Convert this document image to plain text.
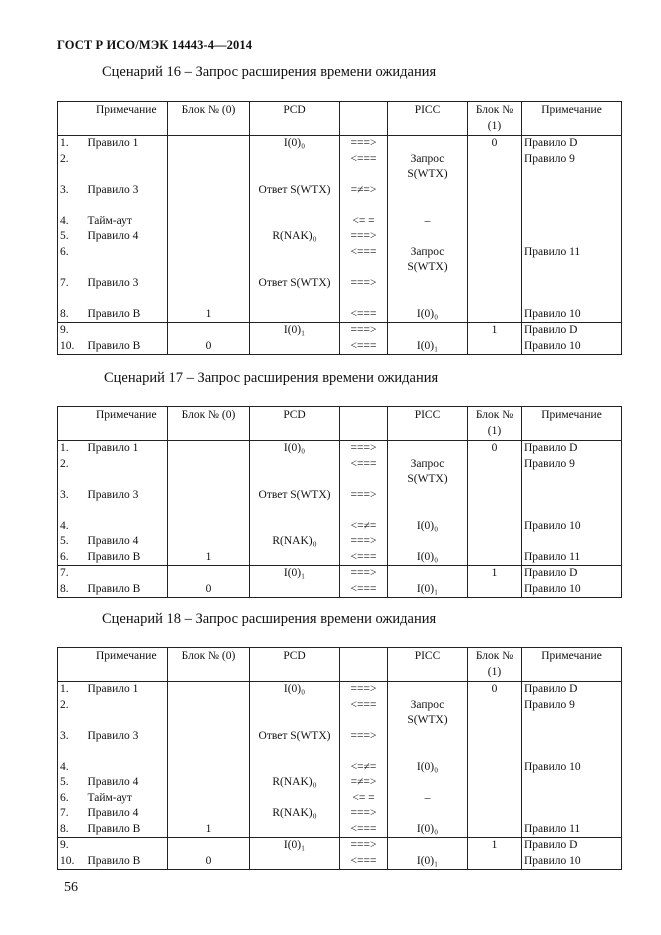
ГОСТ Р ИСО/МЭК 14443-4—2014
Сценарий 16 – Запрос расширения времени ожидания
	Примечание	Блок № (0)	PCD		PICC	Блок № (1)	Примечание
1.	Правило 1		I(0)₀	===>		0	Правило D
2.				<===	Запрос S(WTX)		Правило 9
3.	Правило 3		Ответ S(WTX)	=≠=>			
4.	Тайм-аут			<= =	–		
5.	Правило 4		R(NAK)₀	===>			
6.				<===	Запрос S(WTX)		Правило 11
7.	Правило 3		Ответ S(WTX)	===>			
8.	Правило В	1		<===	I(0)₀		Правило 10
9.			I(0)₁	===>		1	Правило D
10.	Правило В	0		<===	I(0)₁		Правило 10
Сценарий 17 – Запрос расширения времени ожидания
	Примечание	Блок № (0)	PCD		PICC	Блок № (1)	Примечание
1.	Правило 1		I(0)₀	===>		0	Правило D
2.				<===	Запрос S(WTX)		Правило 9
3.	Правило 3		Ответ S(WTX)	===>			
4.				<=≠=	I(0)₀		Правило 10
5.	Правило 4		R(NAK)₀	===>			
6.	Правило В	1		<===	I(0)₀		Правило 11
7.			I(0)₁	===>		1	Правило D
8.	Правило В	0		<===	I(0)₁		Правило 10
Сценарий 18 – Запрос расширения времени ожидания
	Примечание	Блок № (0)	PCD		PICC	Блок № (1)	Примечание
1.	Правило 1		I(0)₀	===>		0	Правило D
2.				<===	Запрос S(WTX)		Правило 9
3.	Правило 3		Ответ S(WTX)	===>			
4.				<=≠=	I(0)₀		Правило 10
5.	Правило 4		R(NAK)₀	=≠=>			
6.	Тайм-аут			<= =	–		
7.	Правило 4		R(NAK)₀	===>			
8.	Правило В	1		<===	I(0)₀		Правило 11
9.			I(0)₁	===>		1	Правило D
10.	Правило В	0		<===	I(0)₁		Правило 10
56
